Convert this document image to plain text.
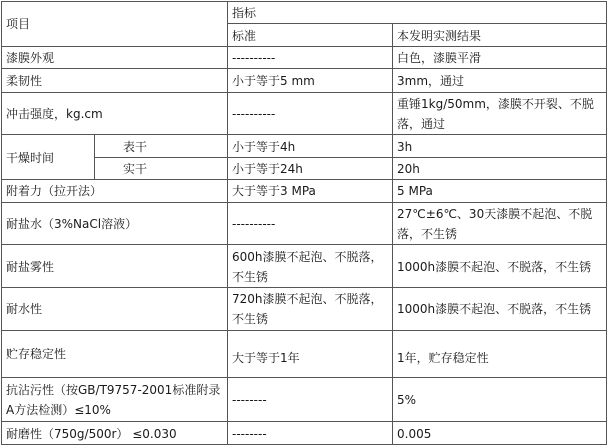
项目		指标	
		标准	本发明实测结果
漆膜外观		----------	白色，漆膜平滑
柔韧性		小于等于5 mm	3mm，通过
冲击强度，kg.cm		----------	重锤1kg/50mm，漆膜不开裂、不脱落，通过
干燥时间	表干	小于等于4h	3h
	实干	小于等于24h	20h
附着力（拉开法）		大于等于3 MPa	5 MPa
耐盐水（3%NaCl溶液）		----------	27℃±6℃、30天漆膜不起泡、不脱落，不生锈
耐盐雾性		600h漆膜不起泡、不脱落，不生锈	1000h漆膜不起泡、不脱落，不生锈
耐水性		720h漆膜不起泡、不脱落，不生锈	1000h漆膜不起泡、不脱落，不生锈
贮存稳定性		大于等于1年	1年，贮存稳定性
抗沾污性（按GB/T9757-2001标准附录A方法检测）≤10%		--------	5%
耐磨性（750g/500r） ≤0.030		--------	0.005
